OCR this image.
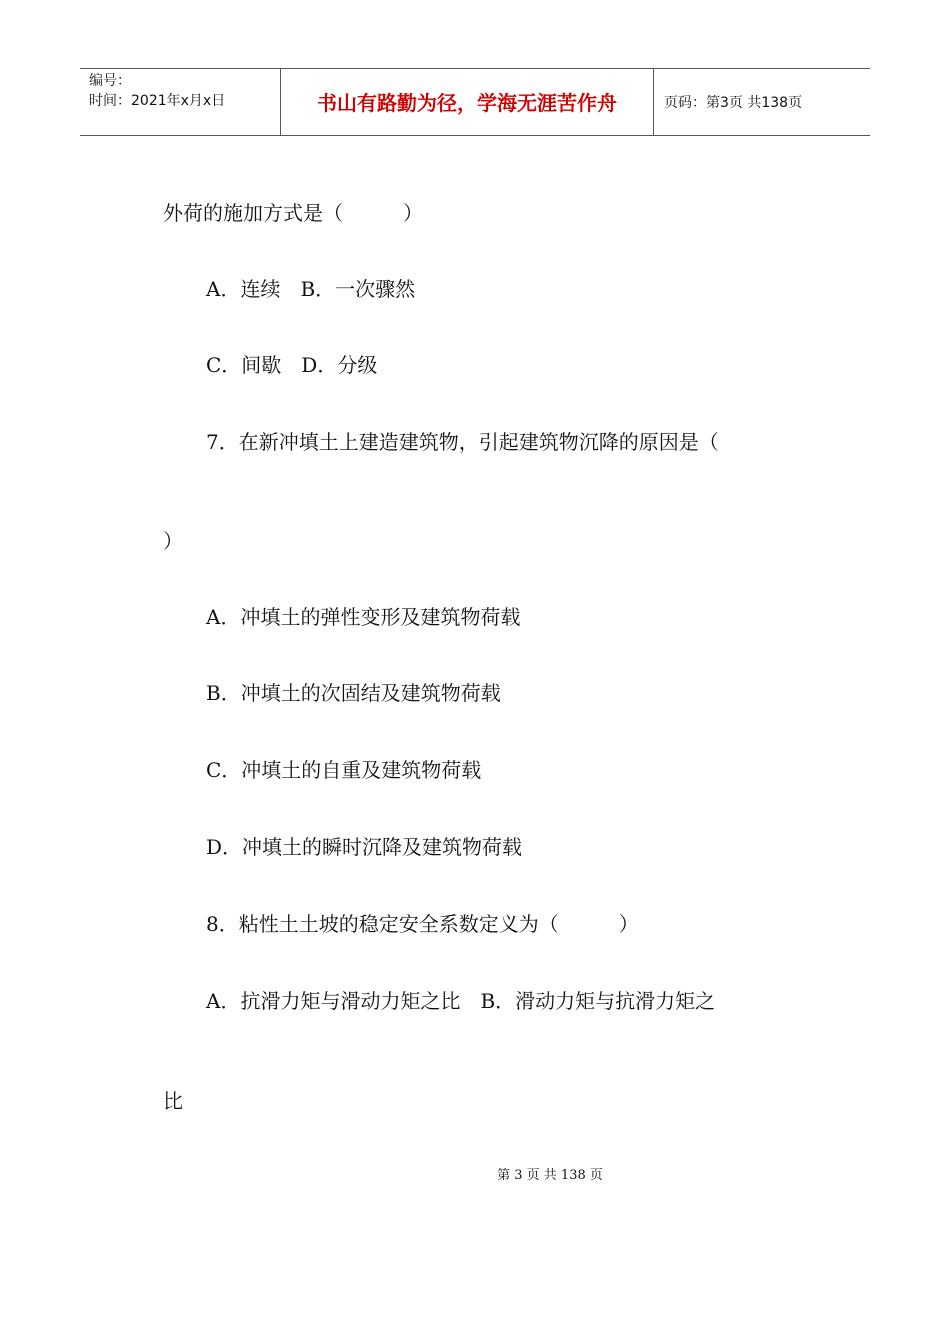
编号：
时间：2021年x月x日	书山有路勤为径，学海无涯苦作舟	页码：第3页 共138页
外荷的施加方式是（　　　）
A．连续　B．一次骤然
C．间歇　D．分级
7．在新冲填土上建造建筑物，引起建筑物沉降的原因是（
）
A．冲填土的弹性变形及建筑物荷载
B．冲填土的次固结及建筑物荷载
C．冲填土的自重及建筑物荷载
D．冲填土的瞬时沉降及建筑物荷载
8．粘性土土坡的稳定安全系数定义为（　　　）
A．抗滑力矩与滑动力矩之比　B．滑动力矩与抗滑力矩之
比
第 3 页 共 138 页
